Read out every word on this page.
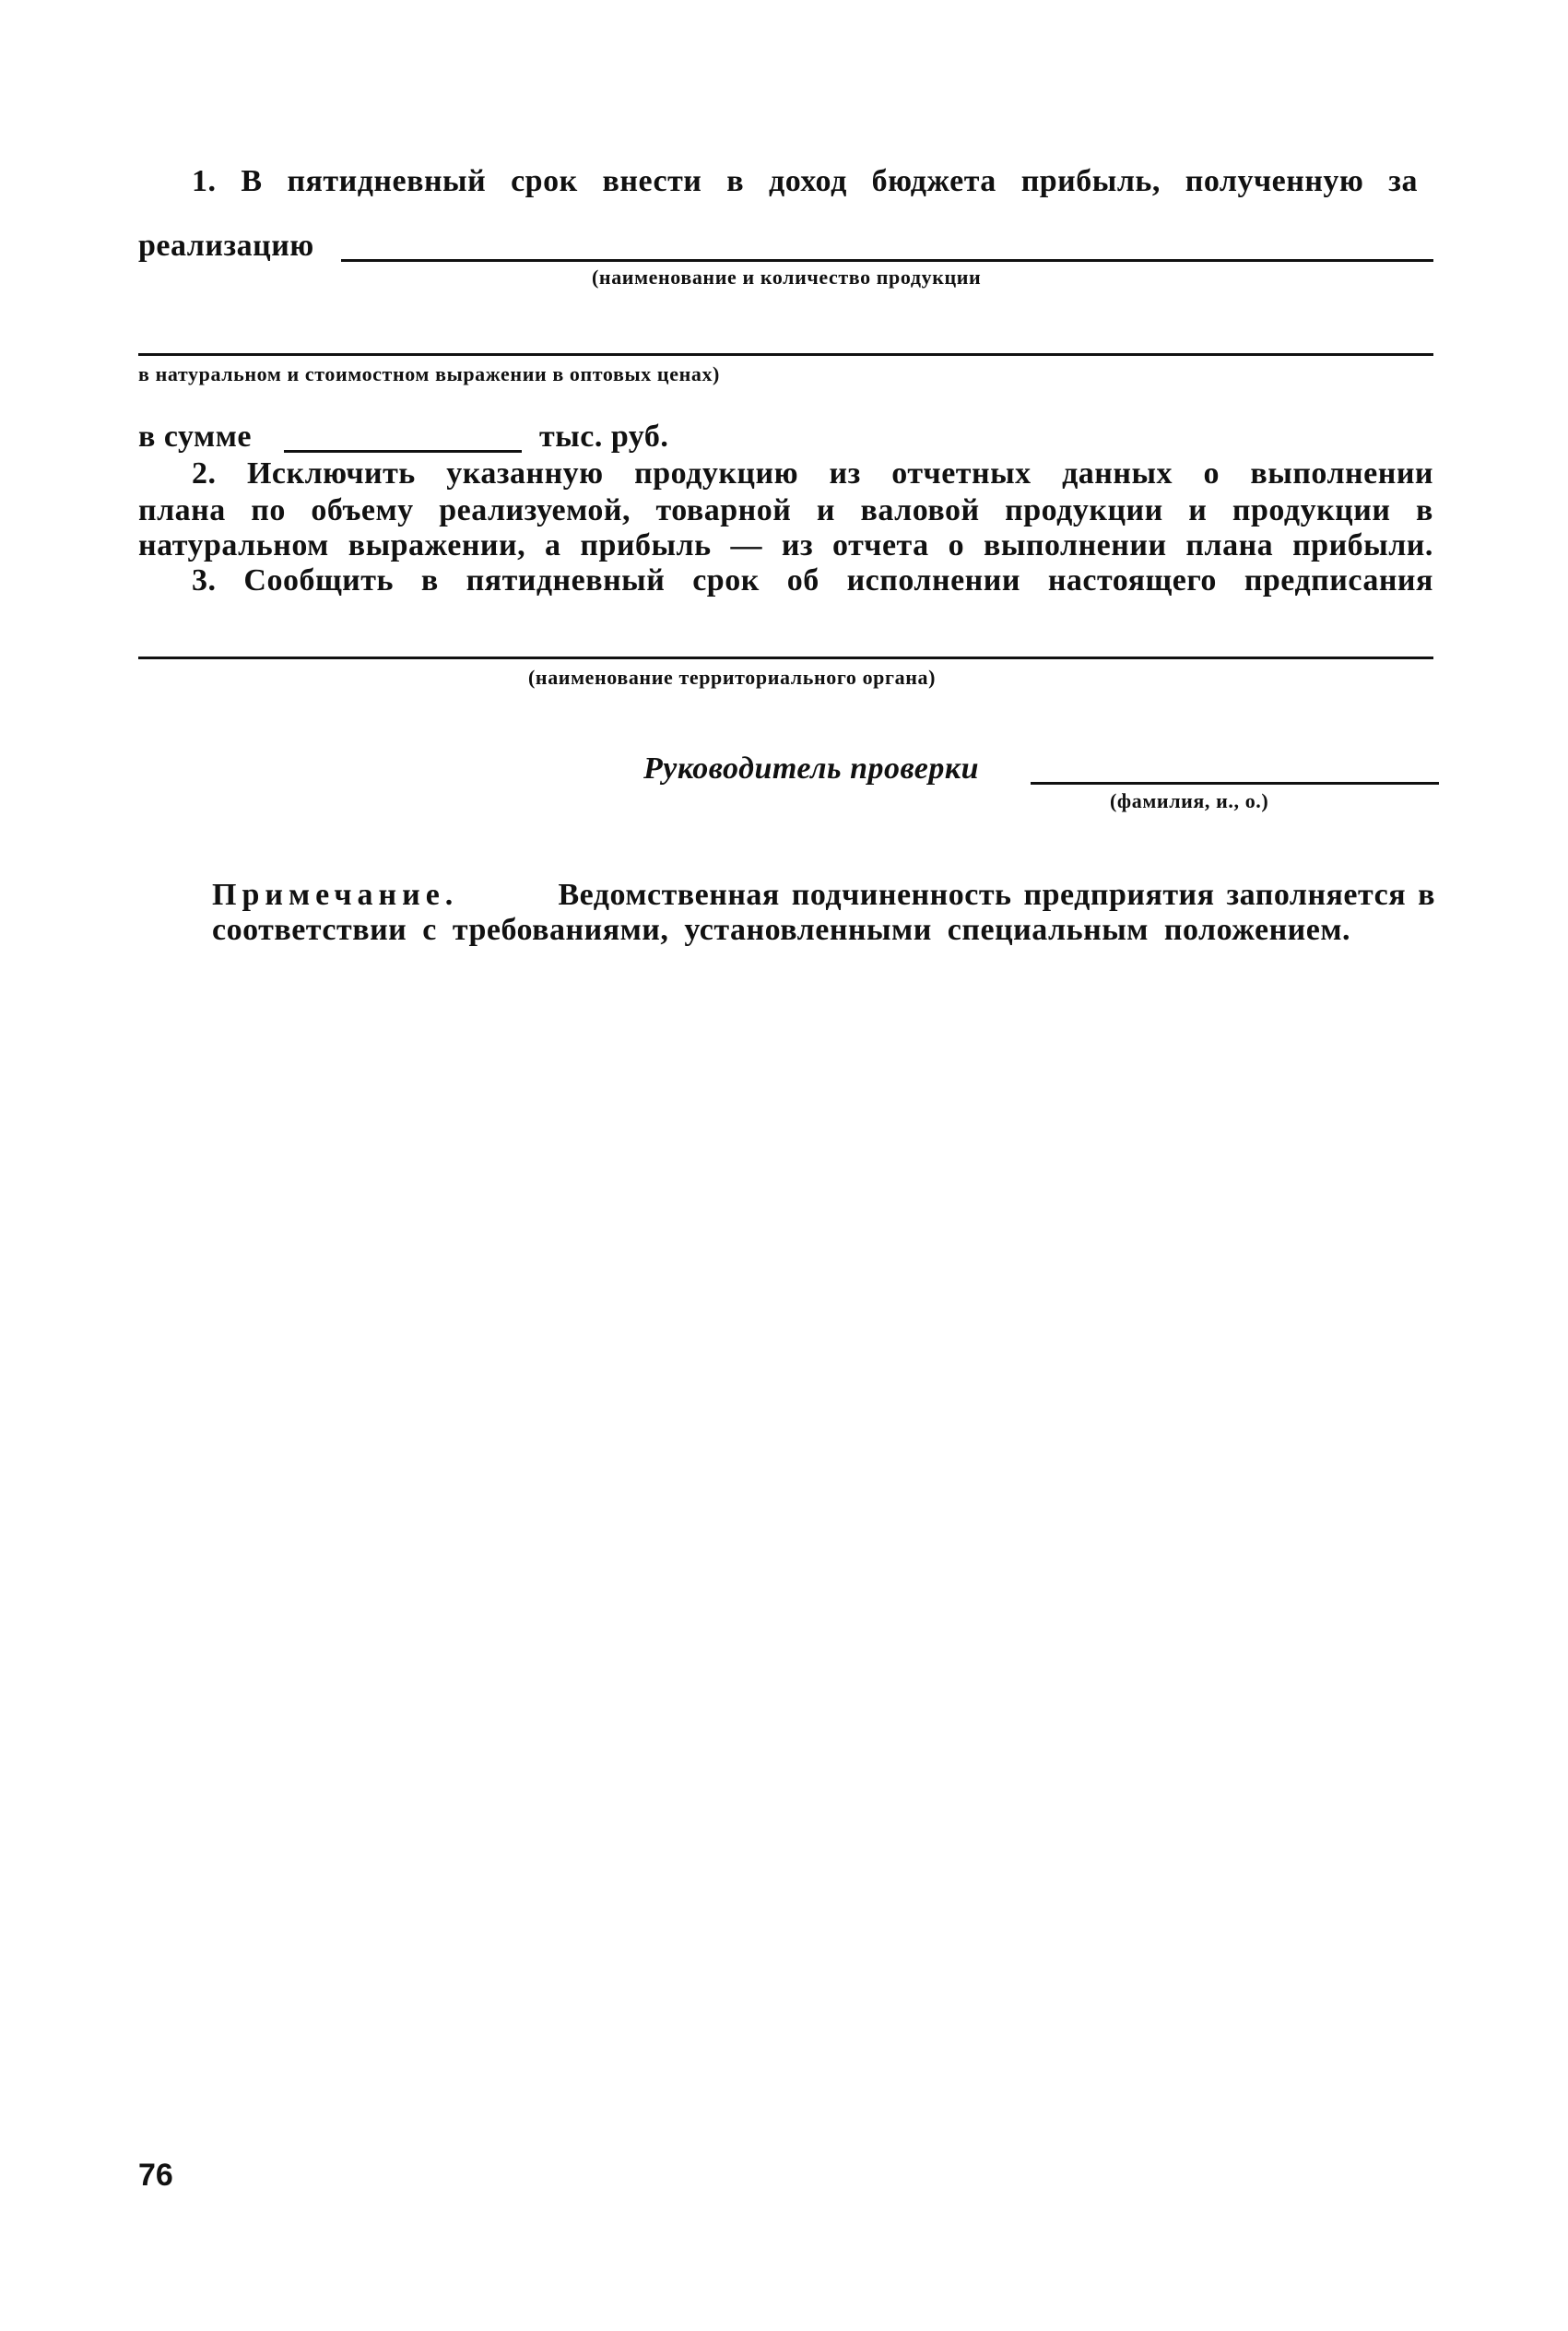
1. В пятидневный срок внести в доход бюджета прибыль, полученную за
реализацию
(наименование и количество продукции
в натуральном и стоимостном выражении в оптовых ценах)
в сумме	тыс. руб.
2. Исключить указанную продукцию из отчетных данных о выполнении
плана по объему реализуемой, товарной и валовой продукции и продукции в
натуральном выражении, а прибыль — из отчета о выполнении плана прибыли.
3. Сообщить в пятидневный срок об исполнении настоящего предписания
(наименование территориального органа)
Руководитель проверки
(фамилия, и., о.)
Примечание.	Ведомственная подчиненность предприятия заполняется в
соответствии с требованиями, установленными специальным положением.
76
